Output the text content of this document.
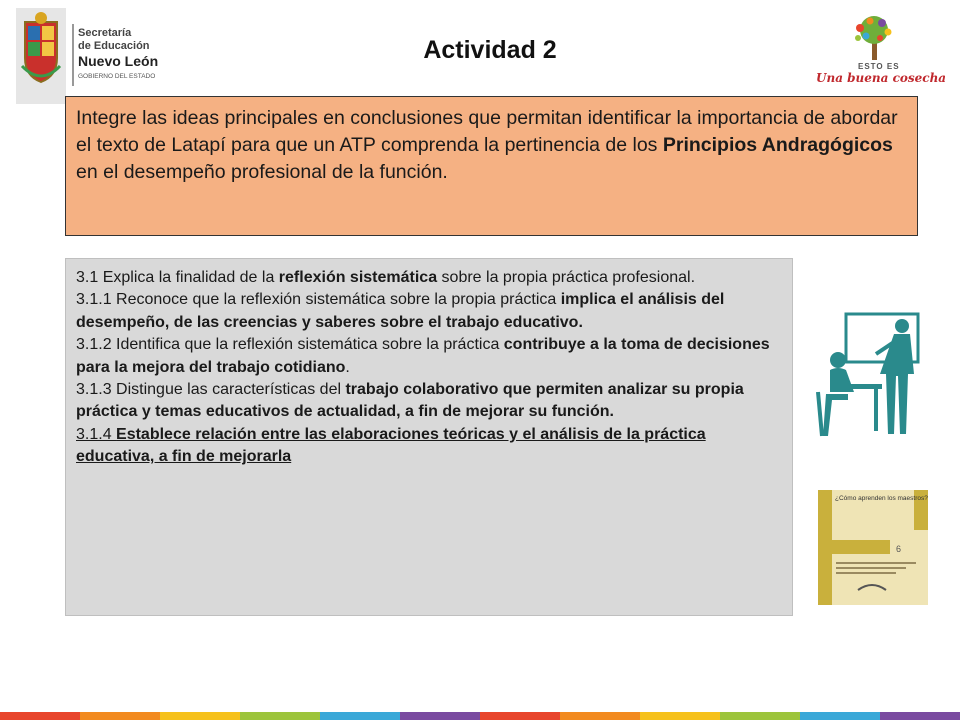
Actividad 2
Secretaría
de Educación
Nuevo León
GOBIERNO DEL ESTADO
ESTO ES
Una buena cosecha
Integre las ideas principales en conclusiones que permitan identificar la importancia de abordar el texto de Latapí para que un ATP comprenda la pertinencia de los Principios Andragógicos en el desempeño profesional de la función.

3.1 Explica la finalidad de la reflexión sistemática sobre la propia práctica profesional.

3.1.1 Reconoce que la reflexión sistemática sobre la propia práctica implica el análisis del desempeño, de las creencias y saberes sobre el trabajo educativo.

3.1.2 Identifica que la reflexión sistemática sobre la práctica contribuye a la toma de decisiones para la mejora del trabajo cotidiano.

3.1.3 Distingue las características del trabajo colaborativo que permiten analizar su propia práctica y temas educativos de actualidad, a fin de mejorar su función.

3.1.4 Establece relación entre las elaboraciones teóricas y el análisis de la práctica educativa, a fin de mejorarla

¿Cómo aprenden los maestros?
6
